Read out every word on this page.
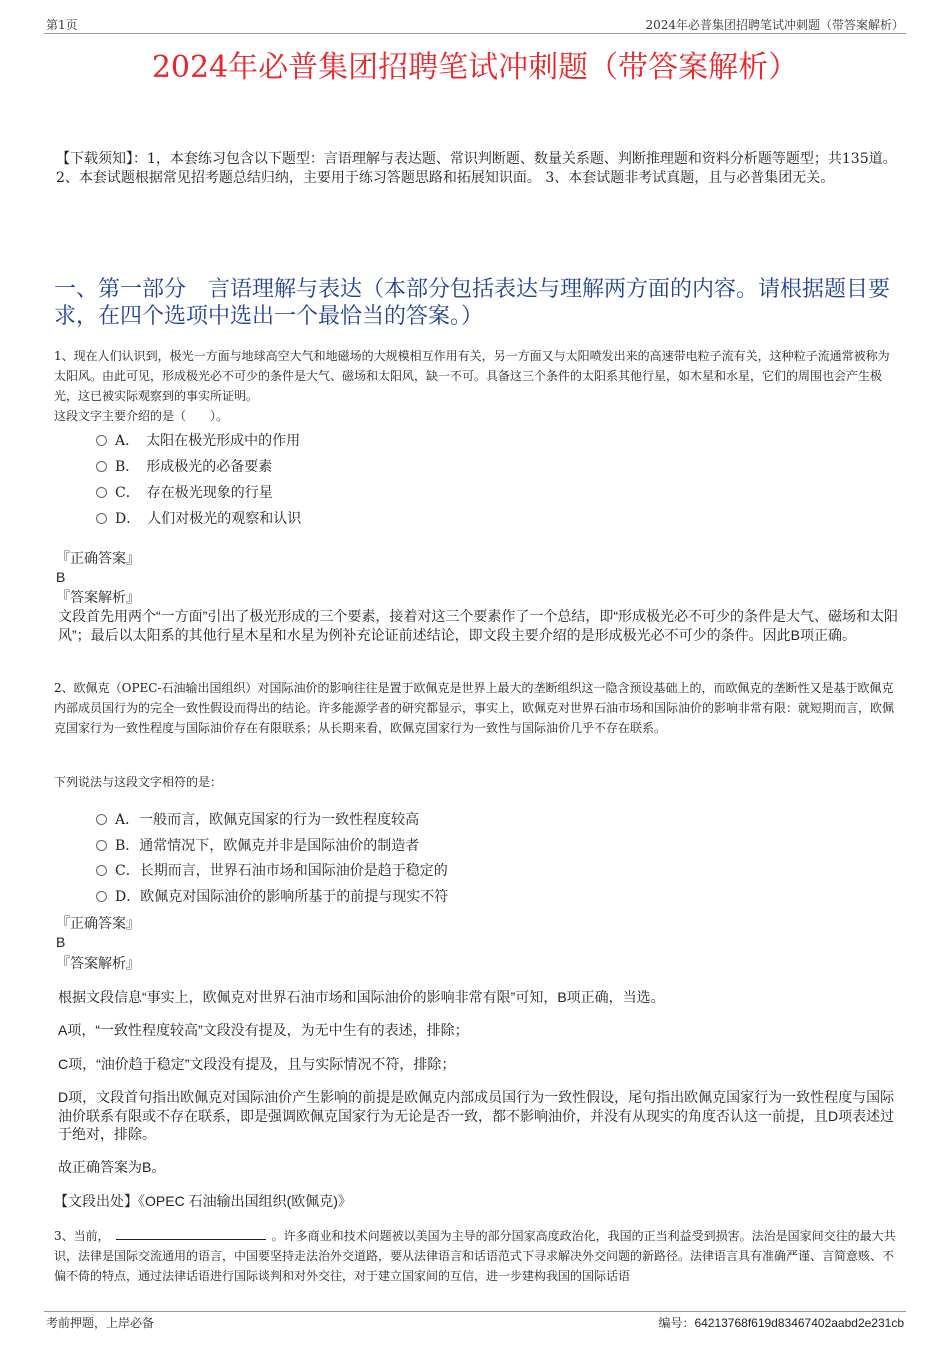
第1页	2024年必普集团招聘笔试冲刺题（带答案解析）
2024年必普集团招聘笔试冲刺题（带答案解析）
【下载须知】：1，本套练习包含以下题型：言语理解与表达题、常识判断题、数量关系题、判断推理题和资料分析题等题型；共135道。 2、本套试题根据常见招考题总结归纳，主要用于练习答题思路和拓展知识面。 3、本套试题非考试真题，且与必普集团无关。
一、第一部分　言语理解与表达（本部分包括表达与理解两方面的内容。请根据题目要求，在四个选项中选出一个最恰当的答案。）
1、现在人们认识到，极光一方面与地球高空大气和地磁场的大规模相互作用有关，另一方面又与太阳喷发出来的高速带电粒子流有关，这种粒子流通常被称为太阳风。由此可见，形成极光必不可少的条件是大气、磁场和太阳风，缺一不可。具备这三个条件的太阳系其他行星，如木星和水星，它们的周围也会产生极光，这已被实际观察到的事实所证明。
这段文字主要介绍的是（　　）。
A．　太阳在极光形成中的作用
B．　形成极光的必备要素
C．　存在极光现象的行星
D．　人们对极光的观察和认识
『正确答案』
B
『答案解析』
文段首先用两个“一方面”引出了极光形成的三个要素，接着对这三个要素作了一个总结，即“形成极光必不可少的条件是大气、磁场和太阳风”；最后以太阳系的其他行星木星和水星为例补充论证前述结论，即文段主要介绍的是形成极光必不可少的条件。因此B项正确。
2、欧佩克（OPEC-石油输出国组织）对国际油价的影响往往是置于欧佩克是世界上最大的垄断组织这一隐含预设基础上的，而欧佩克的垄断性又是基于欧佩克内部成员国行为的完全一致性假设而得出的结论。许多能源学者的研究都显示，事实上，欧佩克对世界石油市场和国际油价的影响非常有限：就短期而言，欧佩克国家行为一致性程度与国际油价存在有限联系；从长期来看，欧佩克国家行为一致性与国际油价几乎不存在联系。
下列说法与这段文字相符的是：
A．一般而言，欧佩克国家的行为一致性程度较高
B．通常情况下，欧佩克并非是国际油价的制造者
C．长期而言，世界石油市场和国际油价是趋于稳定的
D．欧佩克对国际油价的影响所基于的前提与现实不符
『正确答案』
B
『答案解析』
根据文段信息“事实上，欧佩克对世界石油市场和国际油价的影响非常有限”可知，B项正确，当选。
A项，“一致性程度较高”文段没有提及，为无中生有的表述，排除；
C项，“油价趋于稳定”文段没有提及，且与实际情况不符，排除；
D项，文段首句指出欧佩克对国际油价产生影响的前提是欧佩克内部成员国行为一致性假设，尾句指出欧佩克国家行为一致性程度与国际油价联系有限或不存在联系，即是强调欧佩克国家行为无论是否一致，都不影响油价，并没有从现实的角度否认这一前提，且D项表述过于绝对，排除。
故正确答案为B。
【文段出处】《OPEC 石油输出国组织(欧佩克)》
3、当前，	。许多商业和技术问题被以美国为主导的部分国家高度政治化，我国的正当利益受到损害。法治是国家间交往的最大共识，法律是国际交流通用的语言，中国要坚持走法治外交道路，要从法律语言和话语范式下寻求解决外交问题的新路径。法律语言具有准确严谨、言简意赅、不偏不倚的特点，通过法律话语进行国际谈判和对外交往，对于建立国家间的互信，进一步建构我国的国际话语
考前押题，上岸必备	编号：64213768f619d83467402aabd2e231cb
